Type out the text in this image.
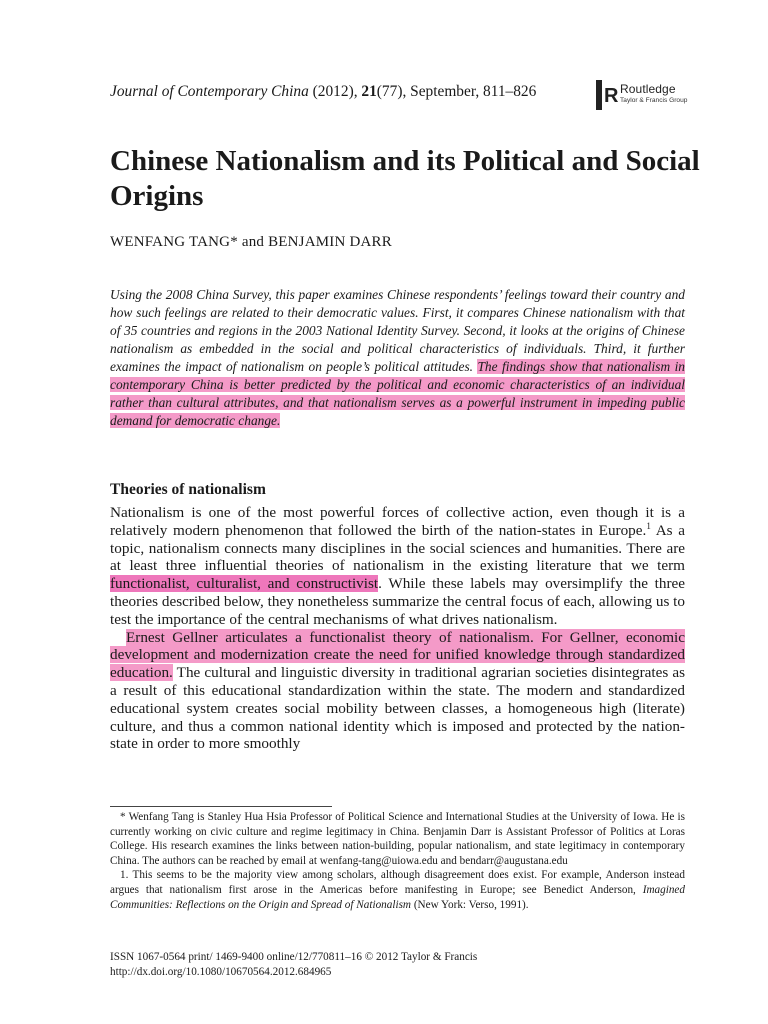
Journal of Contemporary China (2012), 21(77), September, 811–826	R Routledge
Taylor & Francis Group
Chinese Nationalism and its Political and Social Origins
WENFANG TANG* and BENJAMIN DARR
Using the 2008 China Survey, this paper examines Chinese respondents’ feelings toward their country and how such feelings are related to their democratic values. First, it compares Chinese nationalism with that of 35 countries and regions in the 2003 National Identity Survey. Second, it looks at the origins of Chinese nationalism as embedded in the social and political characteristics of individuals. Third, it further examines the impact of nationalism on people’s political attitudes. The findings show that nationalism in contemporary China is better predicted by the political and economic characteristics of an individual rather than cultural attributes, and that nationalism serves as a powerful instrument in impeding public demand for democratic change.
Theories of nationalism

Nationalism is one of the most powerful forces of collective action, even though it is a relatively modern phenomenon that followed the birth of the nation-states in Europe.$^1$ As a topic, nationalism connects many disciplines in the social sciences and humanities. There are at least three influential theories of nationalism in the existing literature that we term functionalist, culturalist, and constructivist. While these labels may oversimplify the three theories described below, they nonetheless summarize the central focus of each, allowing us to test the importance of the central mechanisms of what drives nationalism.

Ernest Gellner articulates a functionalist theory of nationalism. For Gellner, economic development and modernization create the need for unified knowledge through standardized education. The cultural and linguistic diversity in traditional agrarian societies disintegrates as a result of this educational standardization within the state. The modern and standardized educational system creates social mobility between classes, a homogeneous high (literate) culture, and thus a common national identity which is imposed and protected by the nation-state in order to more smoothly

* Wenfang Tang is Stanley Hua Hsia Professor of Political Science and International Studies at the University of Iowa. He is currently working on civic culture and regime legitimacy in China. Benjamin Darr is Assistant Professor of Politics at Loras College. His research examines the links between nation-building, popular nationalism, and state legitimacy in contemporary China. The authors can be reached by email at wenfang-tang@uiowa.edu and bendarr@augustana.edu

1. This seems to be the majority view among scholars, although disagreement does exist. For example, Anderson instead argues that nationalism first arose in the Americas before manifesting in Europe; see Benedict Anderson, Imagined Communities: Reflections on the Origin and Spread of Nationalism (New York: Verso, 1991).

ISSN 1067-0564 print/ 1469-9400 online/12/770811–16 © 2012 Taylor & Francis
http://dx.doi.org/10.1080/10670564.2012.684965
